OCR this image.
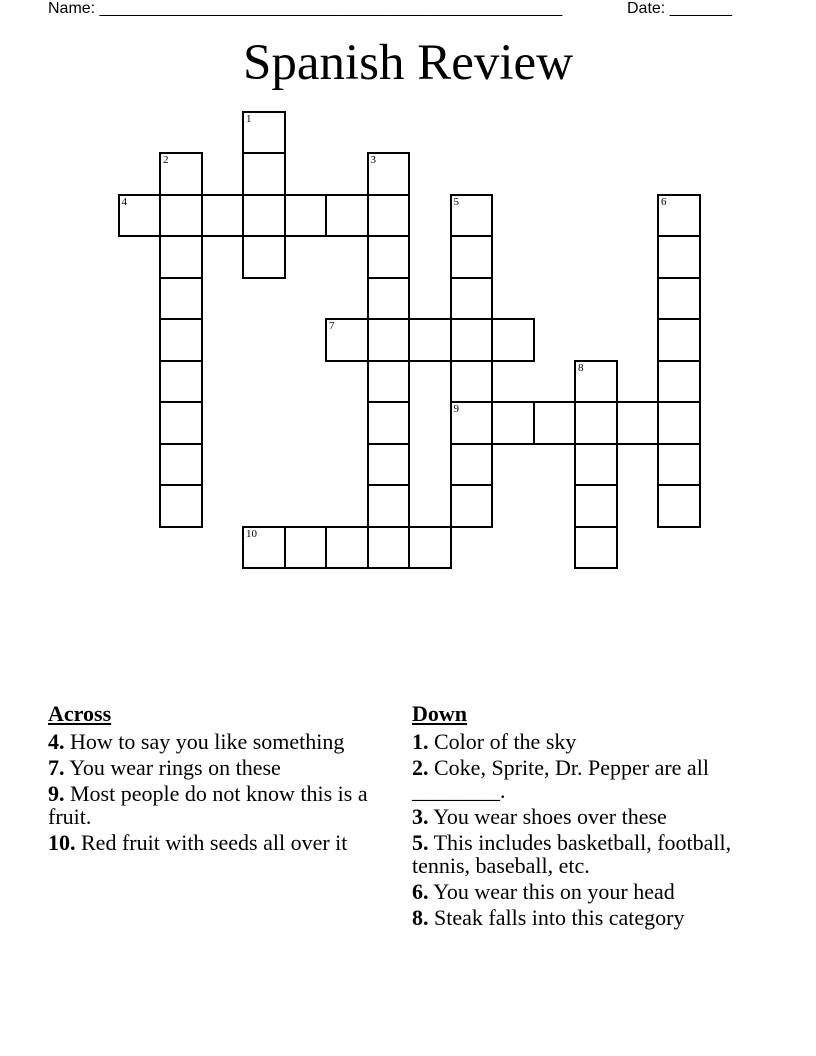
Name: ____________________________________________________	Date: _______
Spanish Review
1
2	3
4	5	6
7
8
9
10
Across
4. How to say you like something
7. You wear rings on these
9. Most people do not know this is a fruit.
10. Red fruit with seeds all over it
Down
1. Color of the sky
2. Coke, Sprite, Dr. Pepper are all ________.
3. You wear shoes over these
5. This includes basketball, football, tennis, baseball, etc.
6. You wear this on your head
8. Steak falls into this category
